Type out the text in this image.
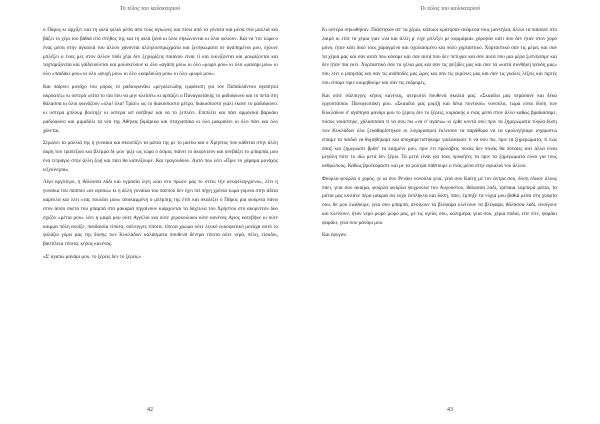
Το τέλος του καλοκαιριού

ο Πάρος κι αρχίζει και τη φιλά φιλιά μέσα από τους αγκώνες και πίσω από τα γόνατα και μέσα στα μαλλιά και βάζει το χέρι του βαθιά στο στήθος της και τη φιλά ξανά κι όλοι σηκώνονται κι όλοι φιλιούν. Και να 'τοι τώρα ο ένας μέσα στην αγκαλιά του άλλου χάνονται αλληλοσπρώχματα και ξεσηκώματα σε αγαπημένοι μου, έχουνε μπλέξει ο ένας μες στον άλλον πόδι χέρι δεν ξεχωρίζεις ποιανού είναι τί και λικνίζονται και μουρίζονται και ταχταρίζονται και γαϊδευούνται και μουσκεύουν κι όλο «αγάπη μου» κι όλο «μωρό μου» κι όλο «μανάρι μου» κι όλο «παιδάκι μου» κι όλο «ψυχή μου» κι όλο «καρδούλα μου» κι όλο «μωρό μου».

Και παίρνει μονάχο του μπρος το ραδιοφωνάκι «μεγαλειώδης εμφάνιση για τον Παπαϊωάννου αγαπητοί ακροατές» κι ύστερα «πίτα το πια που να μην κλείσει» κι αρπάζει ο Παναγιωτάκης το ραδιόφωνο και το πετά στη θάλασσα κι όλοι φωνάζουν «όλα! όλα! Τρία!» ως το διακοσιοστό μέτρο, διακοσιοστό γιαλί έκανε το ραδιόφωνο. κι ύστερα μπλουμ βούτηξε κι ύστερα ωπ ανέβηκε και να το ξεπλέει. Επιπλέει και πάει αρμονικά βαρκάκι ραδιόφωνο και μιμαδόλι τα νέα της Αθήνας βιμάρικα και σταχυαπάια κι όλο μακραίνει κι όλο πάει και όλο χάνεται.

Στρώνει τα μαλλιά της η γυναίκα και σκουπίζει τα μάτια της με το μανίκι και ο Χρήστος που κάθεται στην άλλη άκρη του τραπεζιού και βλέμμα δε μου 'ριξε ως τώρα ο άσμος πιάνει το ακορντεόν και ανεβάζει το μπαμπάς μου ένα τετράγιο στην άλλη ζωή και πάει θα καπνίζουμε. Και τραγουδούν. Αυτό που λέει «Πριν το χάραμα μονάχος ιεξεκίνησα».

Λίγο αργότερο, η θάλασσα λάδι και υγρασία λίγη «και στο πρώτο μας το στέκι την ανυφέλαγγμενο», λέει η γυναίκα του παππού «σε αγαπώ» κι η άλλη γυναίκα του παππού δεν έχει πεί πήγη χρόνια τώρα γύρναι στην άδεια καρέκλα και λέει «τας πουλάει μου» αποκαμμένη ο μπέμπης της έτσι και σκαλίζει ο Πάρος μια φούρνια πάνω στον άσσο σκέτο του μπαμπά στα μακαριά πηγαίνουν κιάρχονται τα δάχτυλα του Χρήστου στο ακορντεόν δυο σχιζόν «μέτια μου» λέει η μαμά μου ούτε Αγγέλοι και ούτε χεροκοιλικοι ούτε κανένας Αγιος κατεβήκε κι ούτε καιμμα πόλη ανοίξε, πανδαισία τίποτα, σάλπιγγες τίποτα, τίποτα χρώμα ούτε λευκό εκκοφωτικό μονάχα αυτό το γαλάζιο γύρω μας της δύσης των Κυκλάδων καλάσματα πουθενά δέντρα τίποτα ούτε νερά, πέλη, είσοδοι, βαστίλεια τίποτα, κήπος κανένας.

«Σ' αγαπώ μανάρι μου, το ξέρεις δεν το ξέρεις»

42
Το τέλος του καλοκαιριού

Κι ύστερα σηκωθήκαν. Πιάστηκαν απ' τα χέρια, κάποιοι κράτησαν ανάμεσά τους μαντήλια, άλλοι τα πιάσανε στο λαιμό κι είπε τα χέρια γιαν «να και άλλη μ' είχε μπλέξει με κομμάρια» χόρεψαν κάτι που δεν ήταν στον χορό μόνο, ήταν κάτι δικό τους χαραγμένο και σχολιασμένο και πολύ χορταστικό. Χορταστικό σαν τις μέρες και σαν τα χέρια μας και σαν αυτά που κάναμε και σαν αυτά που δεν πέτυχαν και σαν αυτά που μια μέρα ξυπνήσαμε και δεν ήταν πια εκεί. Χορταστικό σαν τα γέλια μας και σαν τις ψεξίδες μας και σαν τα «κατά συνθήκη ψεύδη μας» που λέει ο μπαμπάς και σαν τις ανάποδές μας ώρες και σαν τις γκρίνιες μας και σαν τις γκαλες λέξεις και πιρτές που είπαμε πριν κοιμηθούμε και σαν τις εκδρομές.

Και ούτε σάλπιγγες κήπος κανένας, φτερωτοί πουθενά σκαλιά μας: «Σκαιάλα μας περάσανε και δέκα εργοστάσια» Παναγιωτάκη μου. «Σκαιάλα μας μυρζή και δέκα ποντικοί» νονούλα, τώρα είναι δύση των Κυκλάδων σ' αγάπησα μανάρι μου το ξέρεις δεν το ξέρεις, κυριακής ο ένας μέσα στον άλλο καθώς βραδιάσαμε, πόσος νοιάστηκε, χάλασσασα τί να σου πω «να σ' αγαπώ» κι έρθε κοντά σου πριν τα ξημερώματα τύφλα δύση των Κυκλάδων όλα ξεκαθαρίστηκαν οι λογαριασμοί έκλεισαν τα παράθυρα να τα ομολογήσαμε ισχαριστώ είπαμε τα παιδιά να θυμηθήκαμε και αποχαιρετιστήκαμε γιαλάσκασε τί να σου πω, πριν τα ξημερώματα, τί πώς άπαξ και ξημερώσει βράσ' τα καημένε μου, πριν έτι προλάβεις πονάς δεν πονάς θα πονάεις αιέι άλλα είναι μεγάλη πότε το ιδώ μετά δεν ξέρω. Τα μετά είναι για τους προφήτες τα πριν τα ξημερώματα είναι για τους ανθρώπους. Καθώς βρισκόμαστε και με τα μούτρα πάθτουμε ο ένας μέσα στην αγκαλιά του άλλου.

Φούρλα φούρλα ο χορός, γε ια σου Ρενάκι νονούλα γεια, γεια σου Καίτη με τον άντρα σου, δύση έδωσε όλους πάει, γεια σου ακαίρα, φούρλα φούρλα ψυχρούλα του Αυγούστου, θάλασσα λάδι, τρέπαια λαμπερά μάτια, τα μάτια μας κοιτάνε πέρα μακριά σα λύχο έκπληκτα και δύση, πάει, έμπηξε τα νύχια μου βαθιά μέσα στη χούφτα σου, θε μου λιώθουμε, γεια σου μπαμπά, ανοίγουν τα βλέφαρα κλείνουν τα βλέφαρα, θάλασσα λάδι, ανοίγουν και κλείνουν, ήταν νερό μωρό μωρό μας, με τις υγείες σου, καλημέρα, γεια σου, χέρια πόδια, είτε είτε, ψαράκι ψαράκι, γεια σου μανάρι μου.

Και έφυγαν.

43
